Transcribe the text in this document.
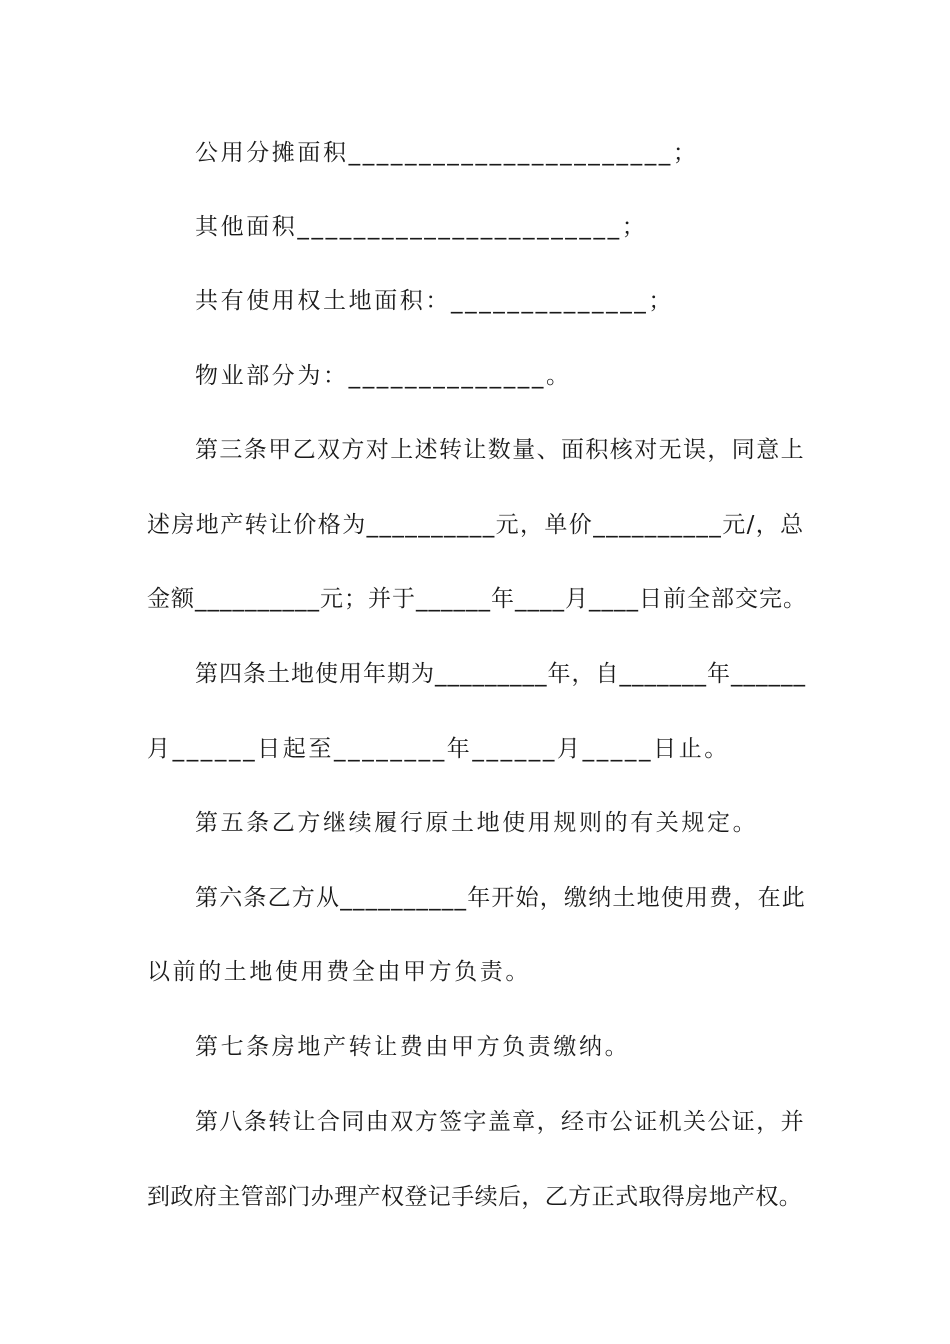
公用分摊面积_______________________；
其他面积_______________________；
共有使用权土地面积：______________；
物业部分为：______________。
第三条甲乙双方对上述转让数量、面积核对无误，同意上
述房地产转让价格为__________元，单价__________元/，总
金额__________元；并于______年____月____日前全部交完。
第四条土地使用年期为_________年，自_______年______
月______日起至________年______月_____日止。
第五条乙方继续履行原土地使用规则的有关规定。
第六条乙方从__________年开始，缴纳土地使用费，在此
以前的土地使用费全由甲方负责。
第七条房地产转让费由甲方负责缴纳。
第八条转让合同由双方签字盖章，经市公证机关公证，并
到政府主管部门办理产权登记手续后，乙方正式取得房地产权。
